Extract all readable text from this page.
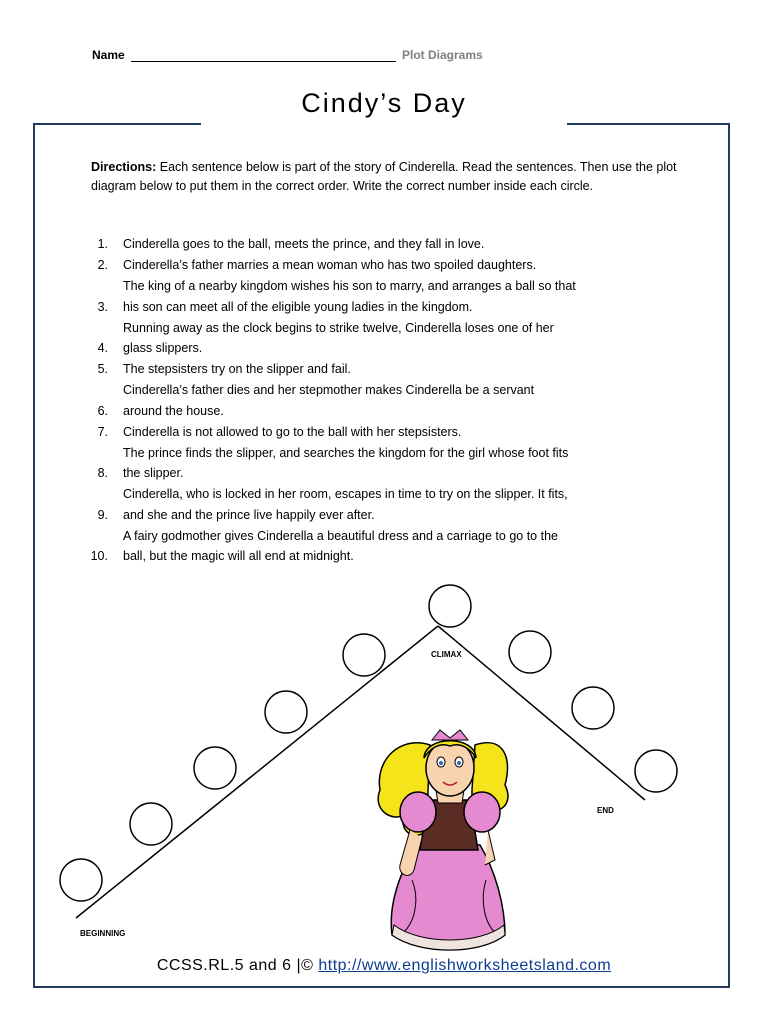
Name	Plot Diagrams
Cindy’s Day
Directions: Each sentence below is part of the story of Cinderella. Read the sentences. Then use the plot diagram below to put them in the correct order. Write the correct number inside each circle.
Cinderella goes to the ball, meets the prince, and they fall in love.
1.
Cinderella’s father marries a mean woman who has two spoiled daughters.
2.
The king of a nearby kingdom wishes his son to marry, and arranges a ball so that
his son can meet all of the eligible young ladies in the kingdom.
3.
Running away as the clock begins to strike twelve, Cinderella loses one of her
glass slippers.
4.
The stepsisters try on the slipper and fail.
5.
Cinderella’s father dies and her stepmother makes Cinderella be a servant
around the house.
6.
Cinderella is not allowed to go to the ball with her stepsisters.
7.
The prince finds the slipper, and searches the kingdom for the girl whose foot fits
the slipper.
8.
Cinderella, who is locked in her room, escapes in time to try on the slipper. It fits,
and she and the prince live happily ever after.
9.
A fairy godmother gives Cinderella a beautiful dress and a carriage to go to the
ball, but the magic will all end at midnight.
10.
CLIMAX
END
BEGINNING
CCSS.RL.5 and 6 |© http://www.englishworksheetsland.com
